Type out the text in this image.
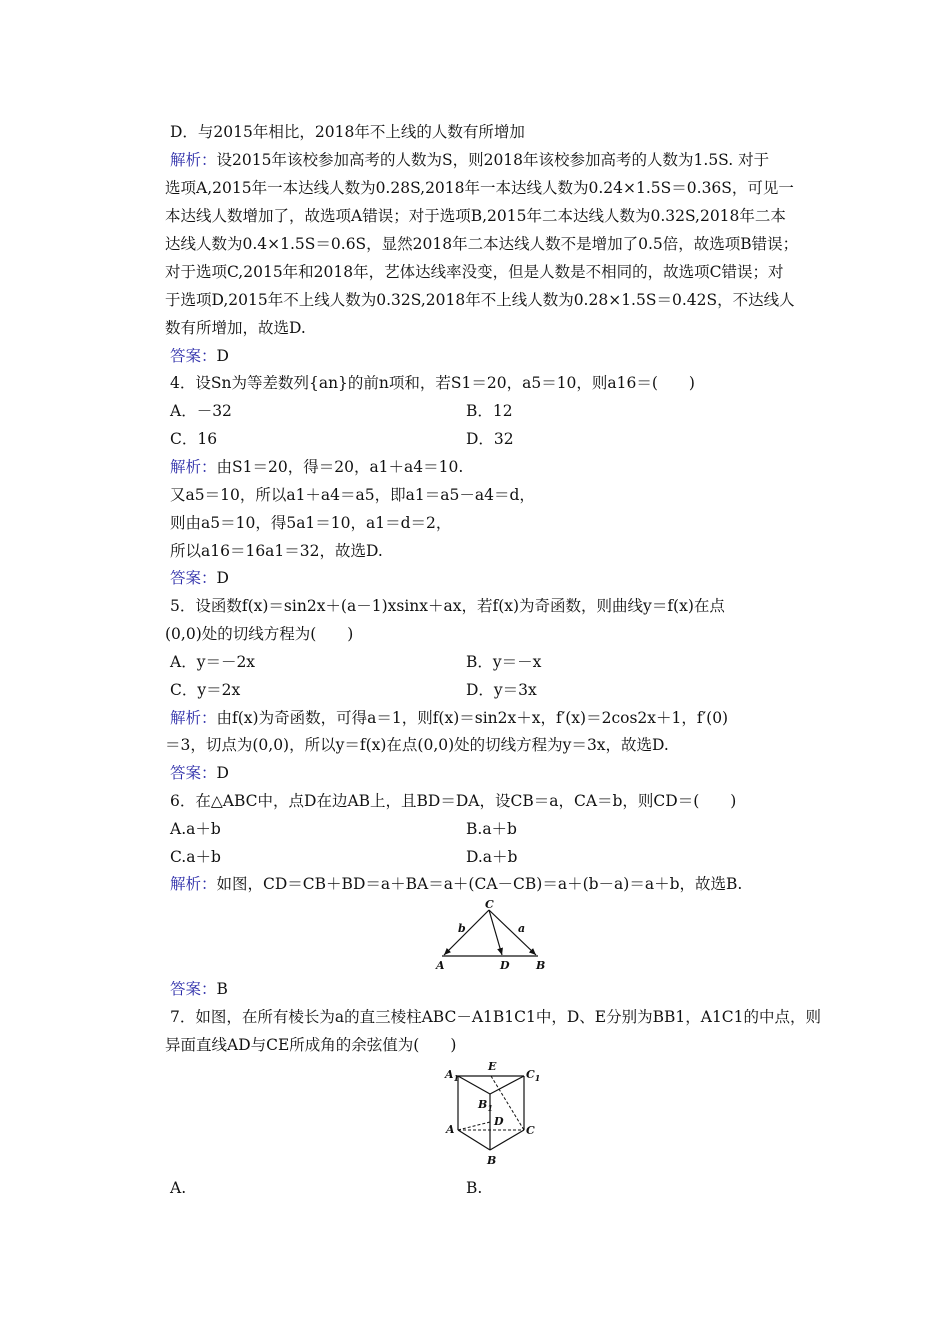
D．与2015年相比，2018年不上线的人数有所增加
解析：设2015年该校参加高考的人数为S，则2018年该校参加高考的人数为1.5S. 对于
选项A,2015年一本达线人数为0.28S,2018年一本达线人数为0.24×1.5S＝0.36S，可见一
本达线人数增加了，故选项A错误；对于选项B,2015年二本达线人数为0.32S,2018年二本
达线人数为0.4×1.5S＝0.6S，显然2018年二本达线人数不是增加了0.5倍，故选项B错误；
对于选项C,2015年和2018年，艺体达线率没变，但是人数是不相同的，故选项C错误；对
于选项D,2015年不上线人数为0.32S,2018年不上线人数为0.28×1.5S＝0.42S，不达线人
数有所增加，故选D.
答案：D
4．设Sn为等差数列{an}的前n项和，若S1＝20，a5＝10，则a16＝(　　)
A．－32	B．12
C．16	D．32
解析：由S1＝20，得＝20，a1＋a4＝10.
又a5＝10，所以a1＋a4＝a5，即a1＝a5－a4＝d，
则由a5＝10，得5a1＝10，a1＝d＝2，
所以a16＝16a1＝32，故选D.
答案：D
5．设函数f(x)＝sin2x＋(a－1)xsinx＋ax，若f(x)为奇函数，则曲线y＝f(x)在点
(0,0)处的切线方程为(　　)
A．y＝－2x	B．y＝－x
C．y＝2x	D．y＝3x
解析：由f(x)为奇函数，可得a＝1，则f(x)＝sin2x＋x，f′(x)＝2cos2x＋1，f′(0)
＝3，切点为(0,0)，所以y＝f(x)在点(0,0)处的切线方程为y＝3x，故选D.
答案：D
6．在△ABC中，点D在边AB上，且BD＝DA，设CB＝a，CA＝b，则CD＝(　　)
A.a＋b	B.a＋b
C.a＋b	D.a＋b
解析：如图，CD＝CB＋BD＝a＋BA＝a＋(CA－CB)＝a＋(b－a)＝a＋b，故选B.
C
A	D B
a
b
答案：B
7．如图，在所有棱长为a的直三棱柱ABC－A1B1C1中，D、E分别为BB1，A1C1的中点，则
异面直线AD与CE所成角的余弦值为(　　)
$A_1$
E
$C_1$
$B_1$
D
A	C
B
A.	B.
